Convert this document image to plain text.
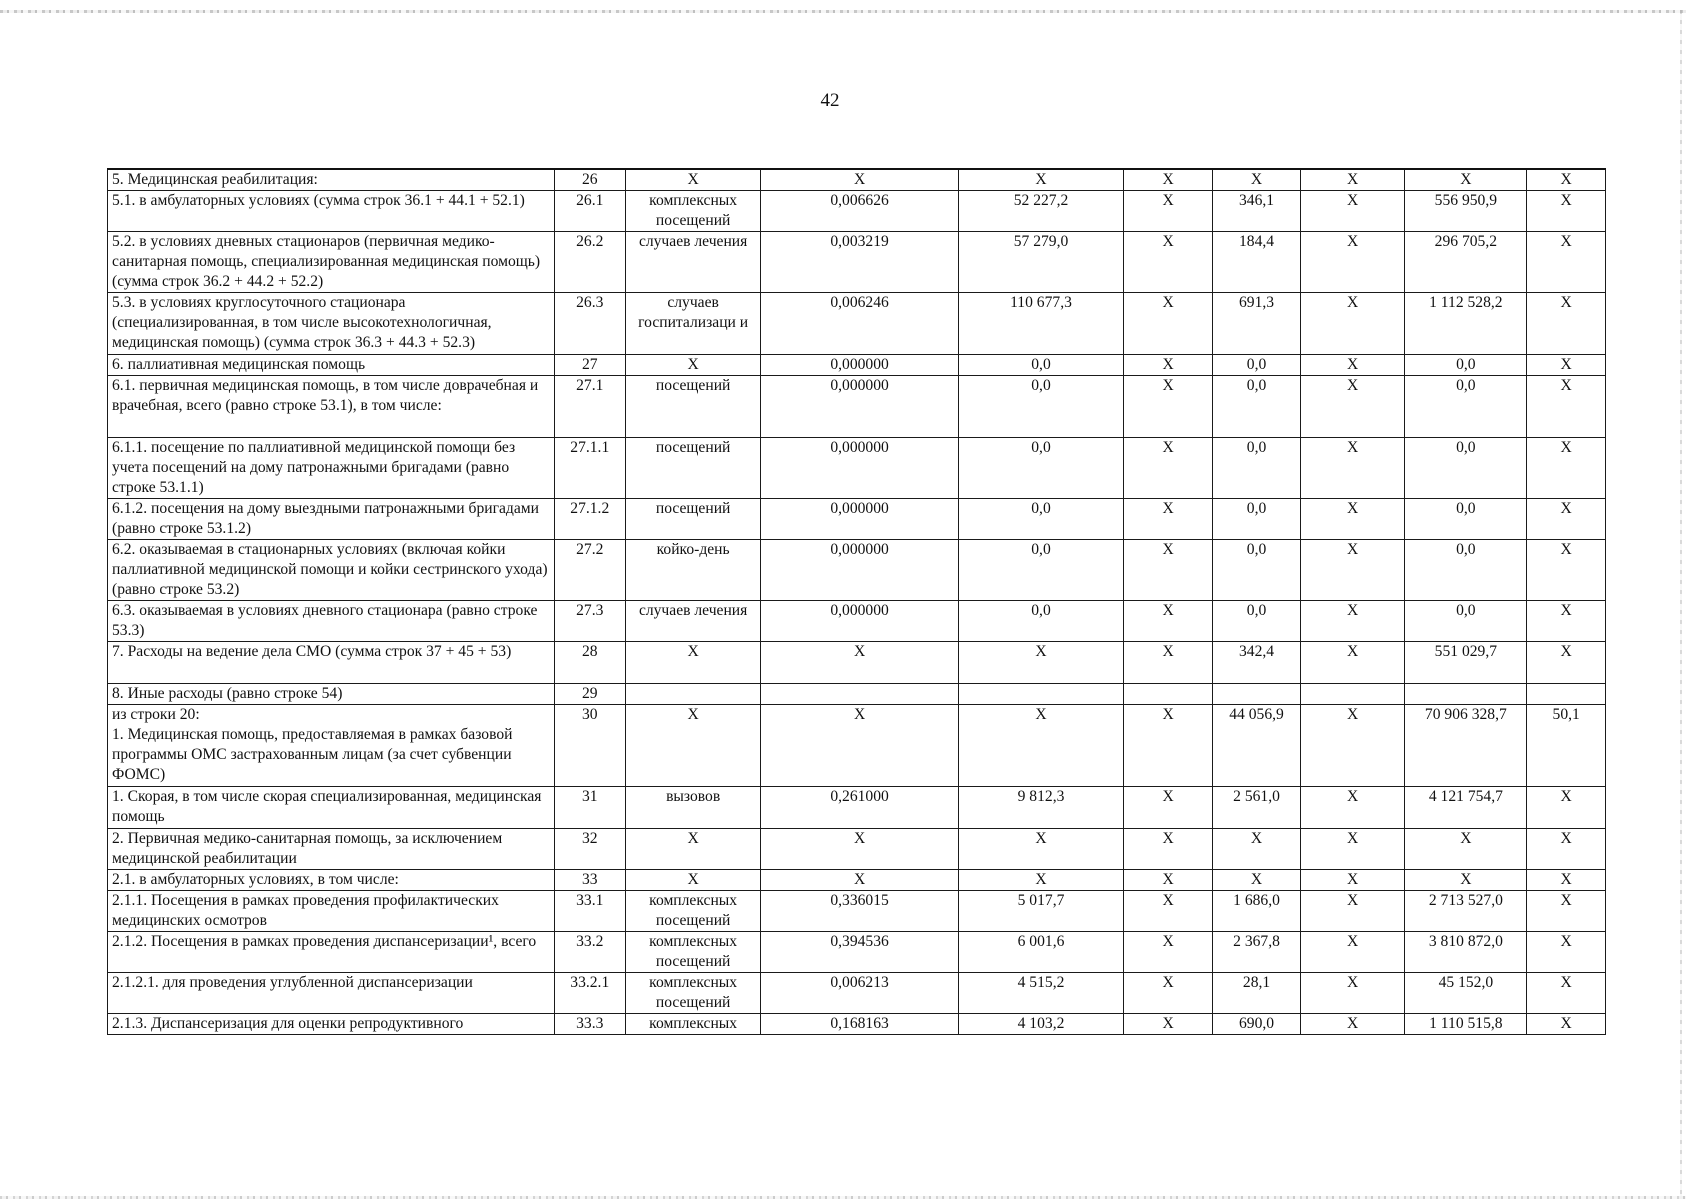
42
5. Медицинская реабилитация:	26	X	X	X	X	X	X	X	X
5.1. в амбулаторных условиях (сумма строк 36.1 + 44.1 + 52.1)	26.1	комплексных посещений	0,006626	52 227,2	X	346,1	X	556 950,9	X
5.2. в условиях дневных стационаров (первичная медико-санитарная помощь, специализированная медицинская помощь) (сумма строк 36.2 + 44.2 + 52.2)	26.2	случаев лечения	0,003219	57 279,0	X	184,4	X	296 705,2	X
5.3. в условиях круглосуточного стационара (специализированная, в том числе высокотехнологичная, медицинская помощь) (сумма строк 36.3 + 44.3 + 52.3)	26.3	случаев госпитализаци и	0,006246	110 677,3	X	691,3	X	1 112 528,2	X
6. паллиативная медицинская помощь	27	X	0,000000	0,0	X	0,0	X	0,0	X
6.1. первичная медицинская помощь, в том числе доврачебная и врачебная, всего (равно строке 53.1), в том числе:	27.1	посещений	0,000000	0,0	X	0,0	X	0,0	X
6.1.1. посещение по паллиативной медицинской помощи без учета посещений на дому патронажными бригадами (равно строке 53.1.1)	27.1.1	посещений	0,000000	0,0	X	0,0	X	0,0	X
6.1.2. посещения на дому выездными патронажными бригадами (равно строке 53.1.2)	27.1.2	посещений	0,000000	0,0	X	0,0	X	0,0	X
6.2. оказываемая в стационарных условиях (включая койки паллиативной медицинской помощи и койки сестринского ухода) (равно строке 53.2)	27.2	койко-день	0,000000	0,0	X	0,0	X	0,0	X
6.3. оказываемая в условиях дневного стационара (равно строке 53.3)	27.3	случаев лечения	0,000000	0,0	X	0,0	X	0,0	X
7. Расходы на ведение дела СМО (сумма строк 37 + 45 + 53)	28	X	X	X	X	342,4	X	551 029,7	X
8. Иные расходы (равно строке 54)	29								
из строки 20:
1. Медицинская помощь, предоставляемая в рамках базовой программы ОМС застрахованным лицам (за счет субвенции ФОМС)	30	X	X	X	X	44 056,9	X	70 906 328,7	50,1
1. Скорая, в том числе скорая специализированная, медицинская помощь	31	вызовов	0,261000	9 812,3	X	2 561,0	X	4 121 754,7	X
2. Первичная медико-санитарная помощь, за исключением медицинской реабилитации	32	X	X	X	X	X	X	X	X
2.1. в амбулаторных условиях, в том числе:	33	X	X	X	X	X	X	X	X
2.1.1. Посещения в рамках проведения профилактических медицинских осмотров	33.1	комплексных посещений	0,336015	5 017,7	X	1 686,0	X	2 713 527,0	X
2.1.2. Посещения в рамках проведения диспансеризации¹, всего	33.2	комплексных посещений	0,394536	6 001,6	X	2 367,8	X	3 810 872,0	X
2.1.2.1. для проведения углубленной диспансеризации	33.2.1	комплексных посещений	0,006213	4 515,2	X	28,1	X	45 152,0	X
2.1.3. Диспансеризация для оценки репродуктивного	33.3	комплексных	0,168163	4 103,2	X	690,0	X	1 110 515,8	X
